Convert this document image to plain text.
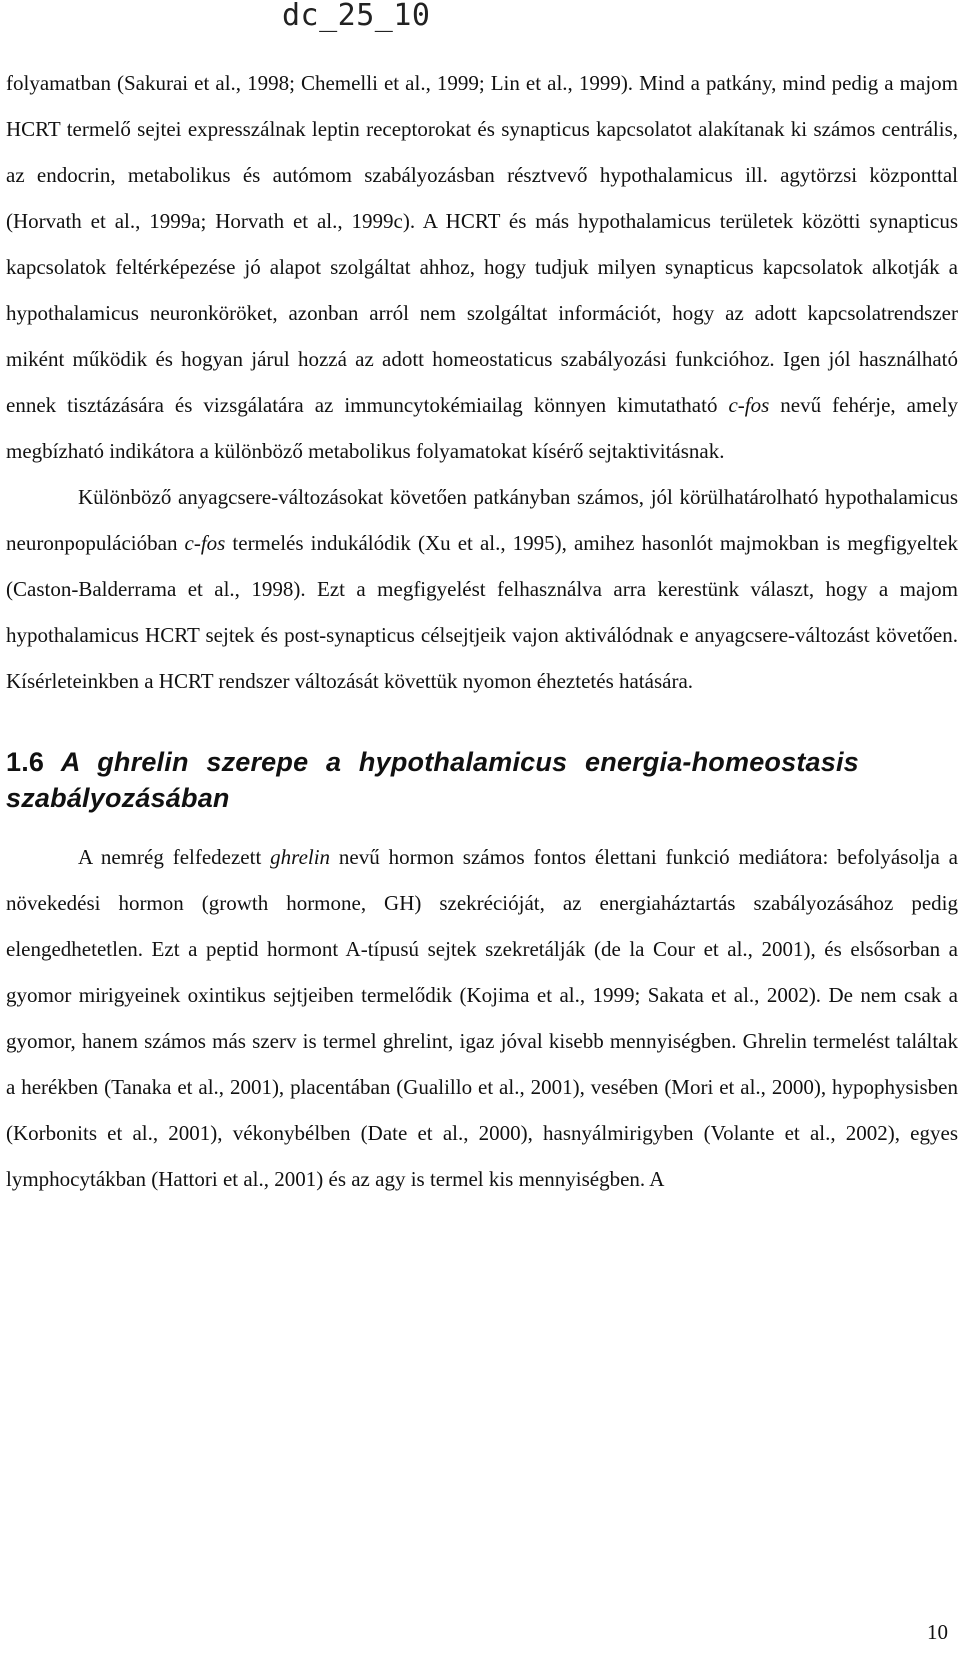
dc_25_10

folyamatban (Sakurai et al., 1998; Chemelli et al., 1999; Lin et al., 1999). Mind a patkány, mind pedig a majom HCRT termelő sejtei expresszálnak leptin receptorokat és synapticus kapcsolatot alakítanak ki számos centrális, az endocrin, metabolikus és autómom szabályozásban résztvevő hypothalamicus ill. agytörzsi központtal (Horvath et al., 1999a; Horvath et al., 1999c). A HCRT és más hypothalamicus területek közötti synapticus kapcsolatok feltérképezése jó alapot szolgáltat ahhoz, hogy tudjuk milyen synapticus kapcsolatok alkotják a hypothalamicus neuronköröket, azonban arról nem szolgáltat információt, hogy az adott kapcsolatrendszer miként működik és hogyan járul hozzá az adott homeostaticus szabályozási funkcióhoz. Igen jól használható ennek tisztázására és vizsgálatára az immuncytokémiailag könnyen kimutatható c-fos nevű fehérje, amely megbízható indikátora a különböző metabolikus folyamatokat kísérő sejtaktivitásnak.

Különböző anyagcsere-változásokat követően patkányban számos, jól körülhatárolható hypothalamicus neuronpopulációban c-fos termelés indukálódik (Xu et al., 1995), amihez hasonlót majmokban is megfigyeltek (Caston-Balderrama et al., 1998). Ezt a megfigyelést felhasználva arra kerestünk választ, hogy a majom hypothalamicus HCRT sejtek és post-synapticus célsejtjeik vajon aktiválódnak e anyagcsere-változást követően. Kísérleteinkben a HCRT rendszer változását követtük nyomon éheztetés hatására.

1.6 A ghrelin szerepe a hypothalamicus energia-homeostasis szabályozásában

A nemrég felfedezett ghrelin nevű hormon számos fontos élettani funkció mediátora: befolyásolja a növekedési hormon (growth hormone, GH) szekrécióját, az energiaháztartás szabályozásához pedig elengedhetetlen. Ezt a peptid hormont A-típusú sejtek szekretálják (de la Cour et al., 2001), és elsősorban a gyomor mirigyeinek oxintikus sejtjeiben termelődik (Kojima et al., 1999; Sakata et al., 2002). De nem csak a gyomor, hanem számos más szerv is termel ghrelint, igaz jóval kisebb mennyiségben. Ghrelin termelést találtak a herékben (Tanaka et al., 2001), placentában (Gualillo et al., 2001), vesében (Mori et al., 2000), hypophysisben (Korbonits et al., 2001), vékonybélben (Date et al., 2000), hasnyálmirigyben (Volante et al., 2002), egyes lymphocytákban (Hattori et al., 2001) és az agy is termel kis mennyiségben. A

10
